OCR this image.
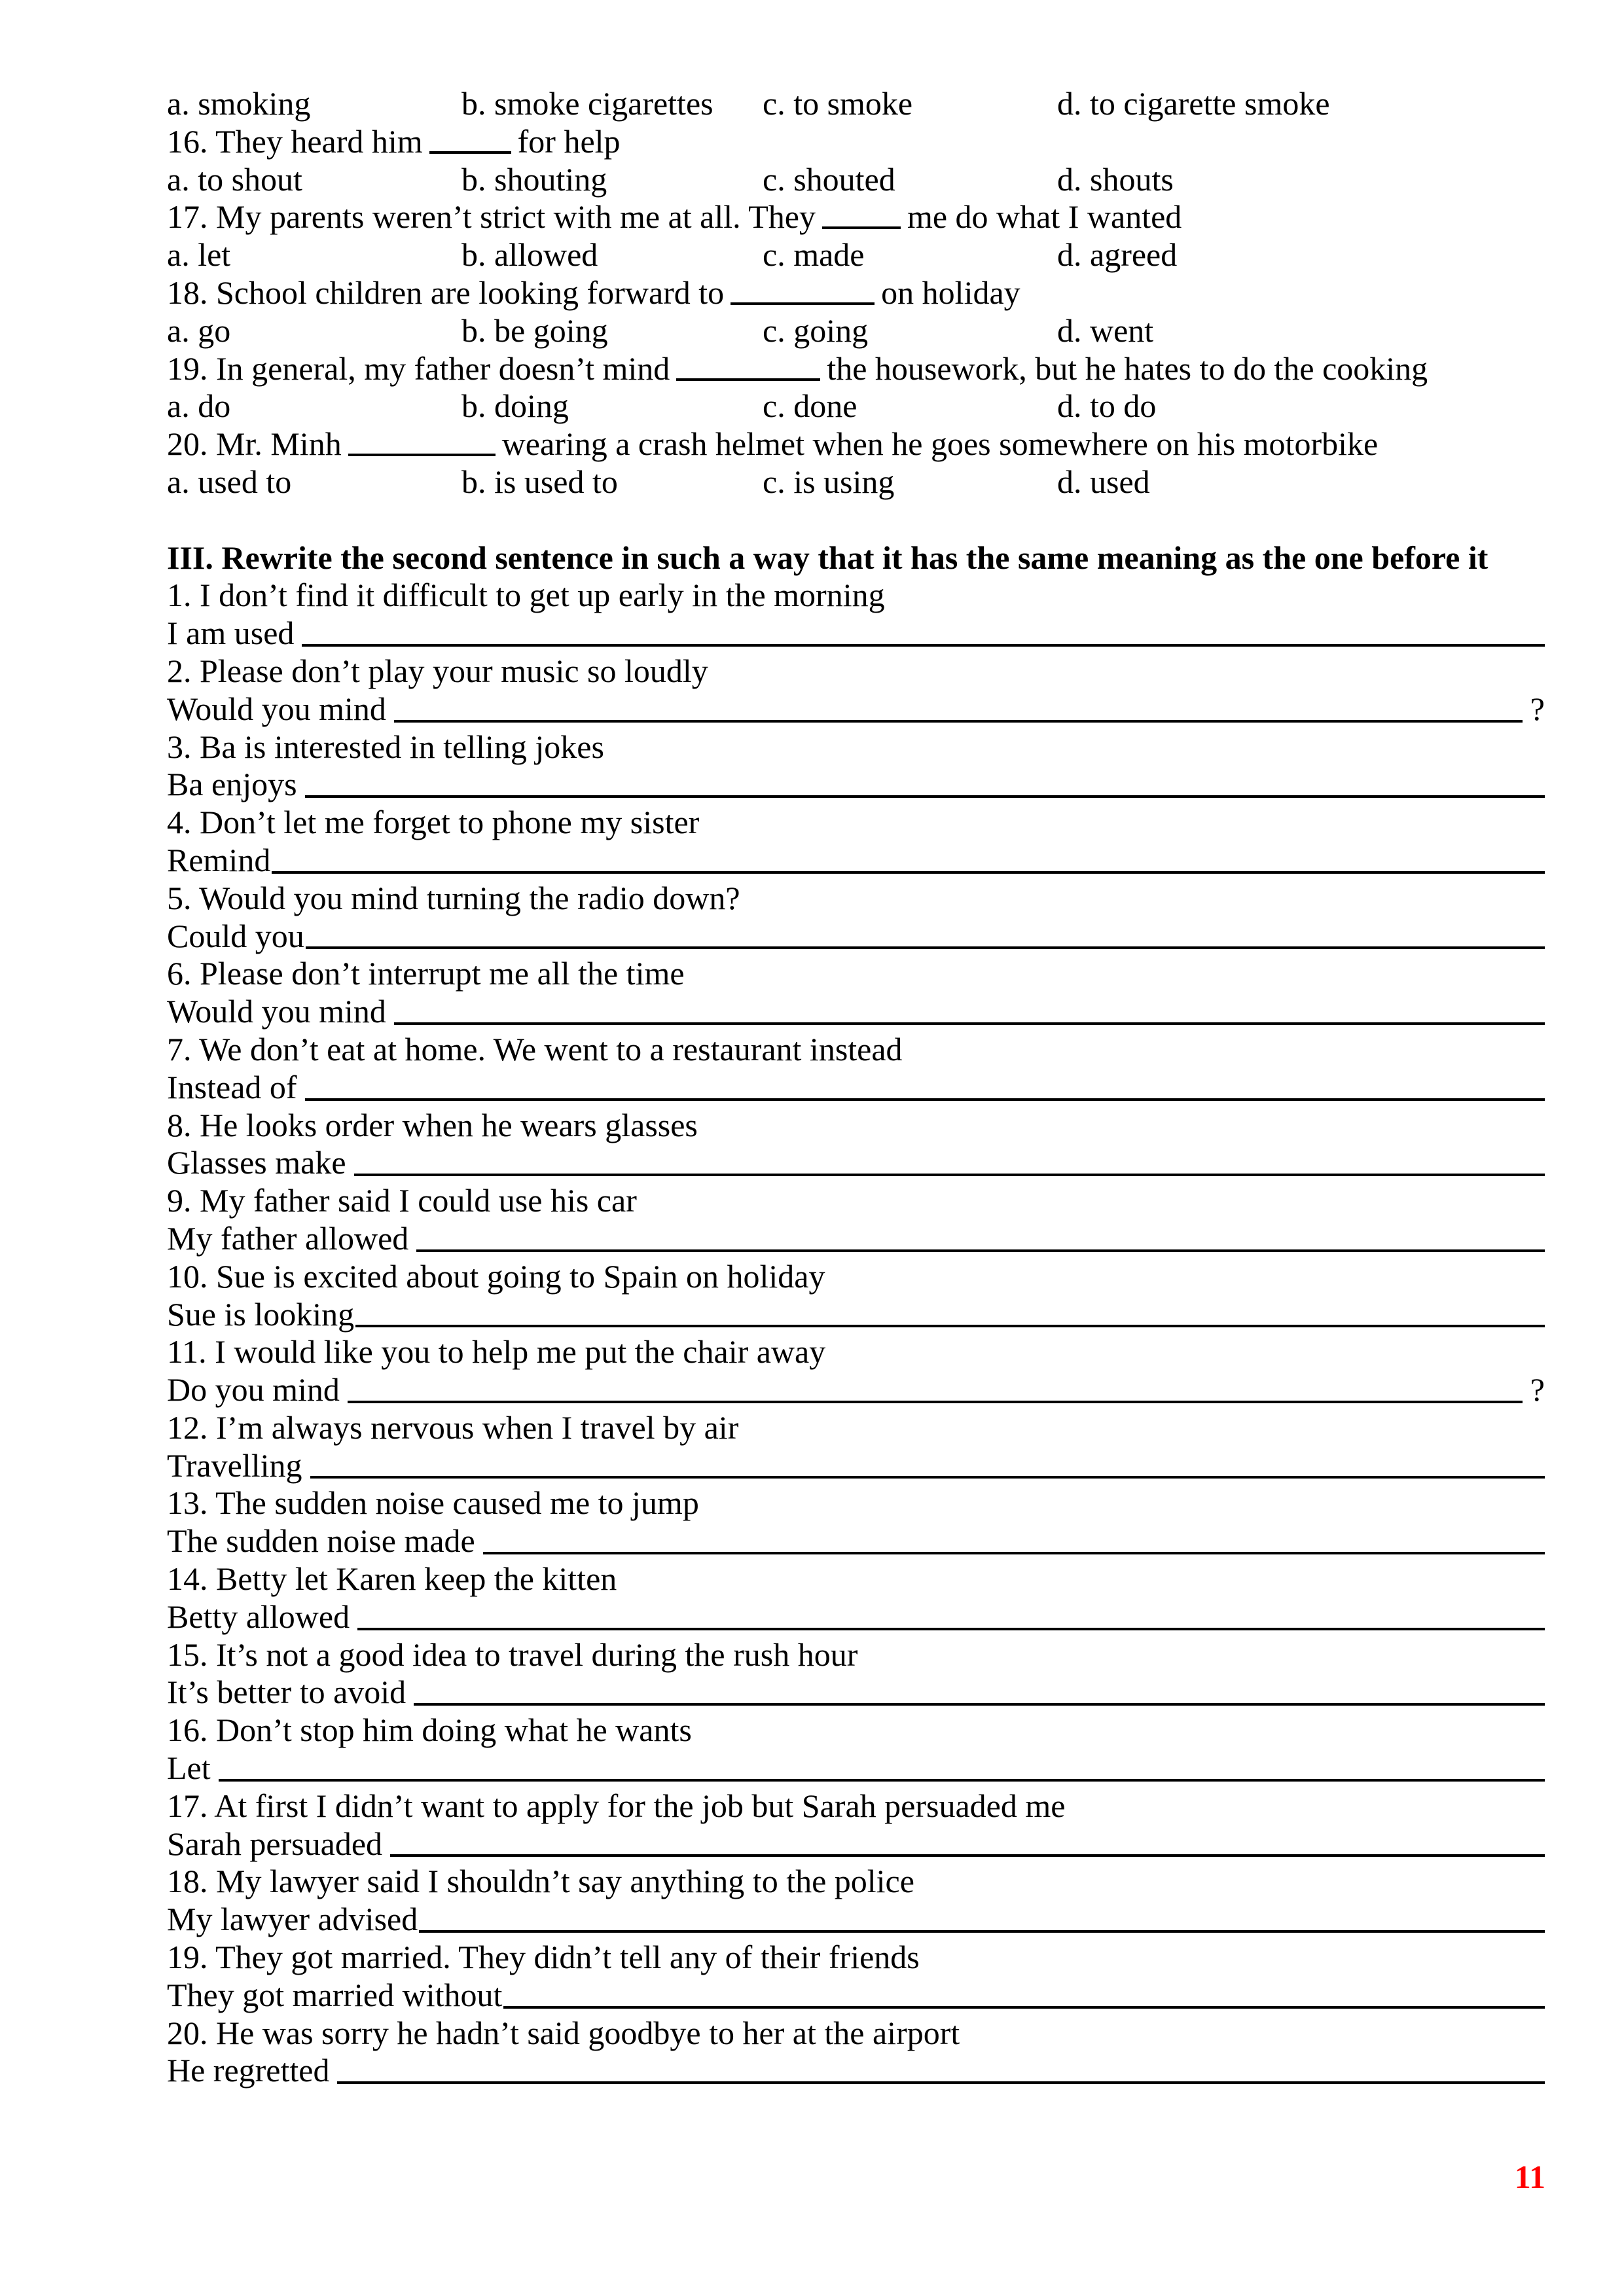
a. smoking	b. smoke cigarettes	c. to smoke	d. to cigarette smoke
16. They heard him	for help
a. to shout	b. shouting	c. shouted	d. shouts
17. My parents weren’t strict with me at all. They	me do what I wanted
a. let	b. allowed	c. made	d. agreed
18. School children are looking forward to	on holiday
a. go	b. be going	c. going	d. went
19. In general, my father doesn’t mind	the housework, but he hates to do the cooking
a. do	b. doing	c. done	d. to do
20. Mr. Minh	wearing a crash helmet when he goes somewhere on his motorbike
a. used to	b. is used to	c. is using	d. used
III. Rewrite the second sentence in such a way that it has the same meaning as the one before it
1. I don’t find it difficult to get up early in the morning
I am used
2. Please don’t play your music so loudly
Would you mind	?
3. Ba is interested in telling jokes
Ba enjoys
4. Don’t let me forget to phone my sister
Remind
5. Would you mind turning the radio down?
Could you
6. Please don’t interrupt me all the time
Would you mind
7. We don’t eat at home. We went to a restaurant instead
Instead of
8. He looks order when he wears glasses
Glasses make
9. My father said I could use his car
My father allowed
10. Sue is excited about going to Spain on holiday
Sue is looking
11. I would like you to help me put the chair away
Do you mind	?
12. I’m always nervous when I travel by air
Travelling
13. The sudden noise caused me to jump
The sudden noise made
14. Betty let Karen keep the kitten
Betty allowed
15. It’s not a good idea to travel during the rush hour
It’s better to avoid
16. Don’t stop him doing what he wants
Let
17. At first I didn’t want to apply for the job but Sarah persuaded me
Sarah persuaded
18. My lawyer said I shouldn’t say anything to the police
My lawyer advised
19. They got married. They didn’t tell any of their friends
They got married without
20. He was sorry he hadn’t said goodbye to her at the airport
He regretted
11
